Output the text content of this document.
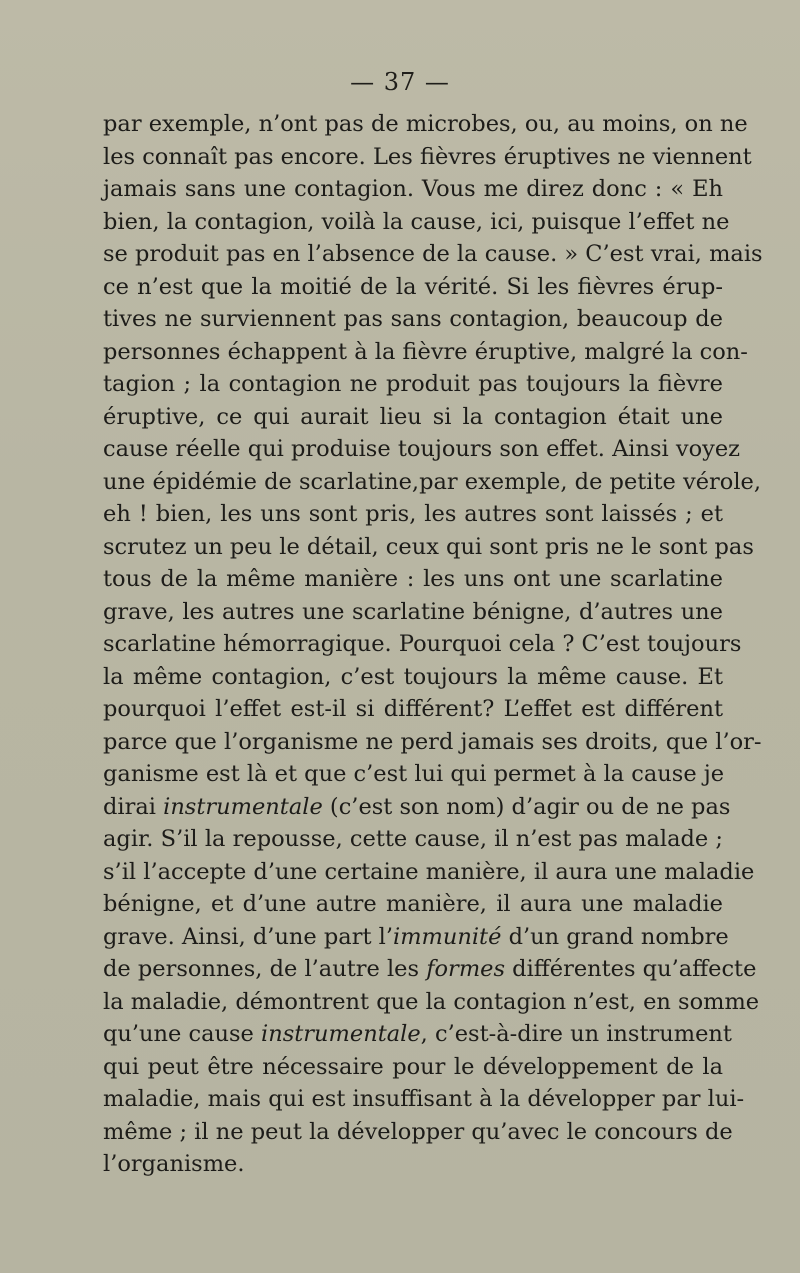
— 37 —
par exemple, n’ont pas de microbes, ou, au moins, on ne
les connaît pas encore. Les fièvres éruptives ne viennent
jamais sans une contagion. Vous me direz donc : « Eh
bien, la contagion, voilà la cause, ici, puisque l’effet ne
se produit pas en l’absence de la cause. » C’est vrai, mais
ce n’est que la moitié de la vérité. Si les fièvres érup-
tives ne surviennent pas sans contagion, beaucoup de
personnes échappent à la fièvre éruptive, malgré la con-
tagion ; la contagion ne produit pas toujours la fièvre
éruptive, ce qui aurait lieu si la contagion était une
cause réelle qui produise toujours son effet. Ainsi voyez
une épidémie de scarlatine,par exemple, de petite vérole,
eh ! bien, les uns sont pris, les autres sont laissés ; et
scrutez un peu le détail, ceux qui sont pris ne le sont pas
tous de la même manière : les uns ont une scarlatine
grave, les autres une scarlatine bénigne, d’autres une
scarlatine hémorragique. Pourquoi cela ? C’est toujours
la même contagion, c’est toujours la même cause. Et
pourquoi l’effet est-il si différent? L’effet est différent
parce que l’organisme ne perd jamais ses droits, que l’or-
ganisme est là et que c’est lui qui permet à la cause je
dirai instrumentale (c’est son nom) d’agir ou de ne pas
agir. S’il la repousse, cette cause, il n’est pas malade ;
s’il l’accepte d’une certaine manière, il aura une maladie
bénigne, et d’une autre manière, il aura une maladie
grave. Ainsi, d’une part l’immunité d’un grand nombre
de personnes, de l’autre les formes différentes qu’affecte
la maladie, démontrent que la contagion n’est, en somme
qu’une cause instrumentale, c’est-à-dire un instrument
qui peut être nécessaire pour le développement de la
maladie, mais qui est insuffisant à la développer par lui-
même ; il ne peut la développer qu’avec le concours de
l’organisme.
